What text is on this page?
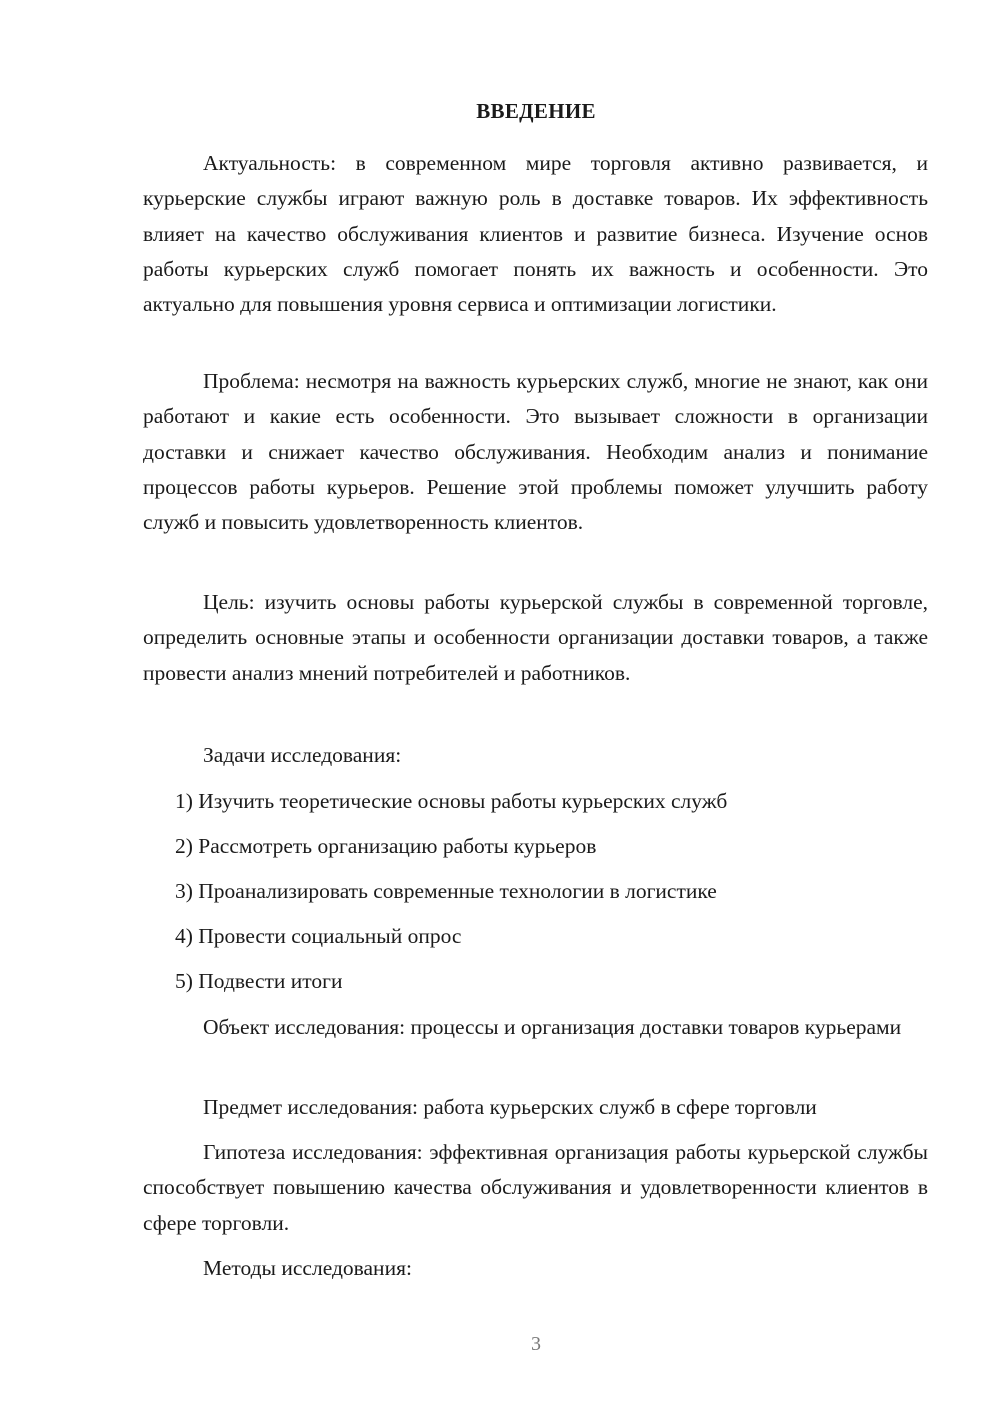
ВВЕДЕНИЕ

Актуальность: в современном мире торговля активно развивается, и курьерские службы играют важную роль в доставке товаров. Их эффективность влияет на качество обслуживания клиентов и развитие бизнеса. Изучение основ работы курьерских служб помогает понять их важность и особенности. Это актуально для повышения уровня сервиса и оптимизации логистики.

Проблема: несмотря на важность курьерских служб, многие не знают, как они работают и какие есть особенности. Это вызывает сложности в организации доставки и снижает качество обслуживания. Необходим анализ и понимание процессов работы курьеров. Решение этой проблемы поможет улучшить работу служб и повысить удовлетворенность клиентов.

Цель: изучить основы работы курьерской службы в современной торговле, определить основные этапы и особенности организации доставки товаров, а также провести анализ мнений потребителей и работников.

Задачи исследования:
1) Изучить теоретические основы работы курьерских служб
2) Рассмотреть организацию работы курьеров
3) Проанализировать современные технологии в логистике
4) Провести социальный опрос
5) Подвести итоги

Объект исследования: процессы и организация доставки товаров курьерами

Предмет исследования: работа курьерских служб в сфере торговли

Гипотеза исследования: эффективная организация работы курьерской службы способствует повышению качества обслуживания и удовлетворенности клиентов в сфере торговли.

Методы исследования:
3
